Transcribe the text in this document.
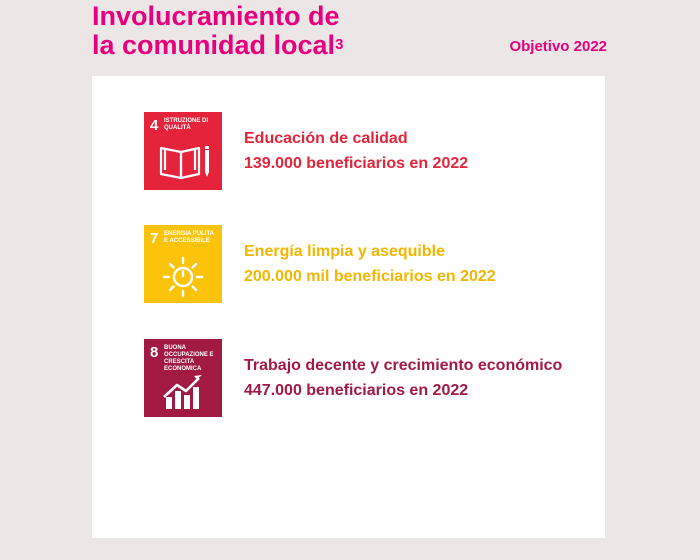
Involucramiento de
la comunidad local$^3$	Objetivo 2022
4 ISTRUZIONE DI QUALITÀ
Educación de calidad
139.000 beneficiarios en 2022
7 ENERGIA PULITA E ACCESSIBILE
Energía limpia y asequible
200.000 mil beneficiarios en 2022
8 BUONA OCCUPAZIONE E CRESCITA ECONOMICA	Trabajo decente y crecimiento económico
447.000 beneficiarios en 2022
